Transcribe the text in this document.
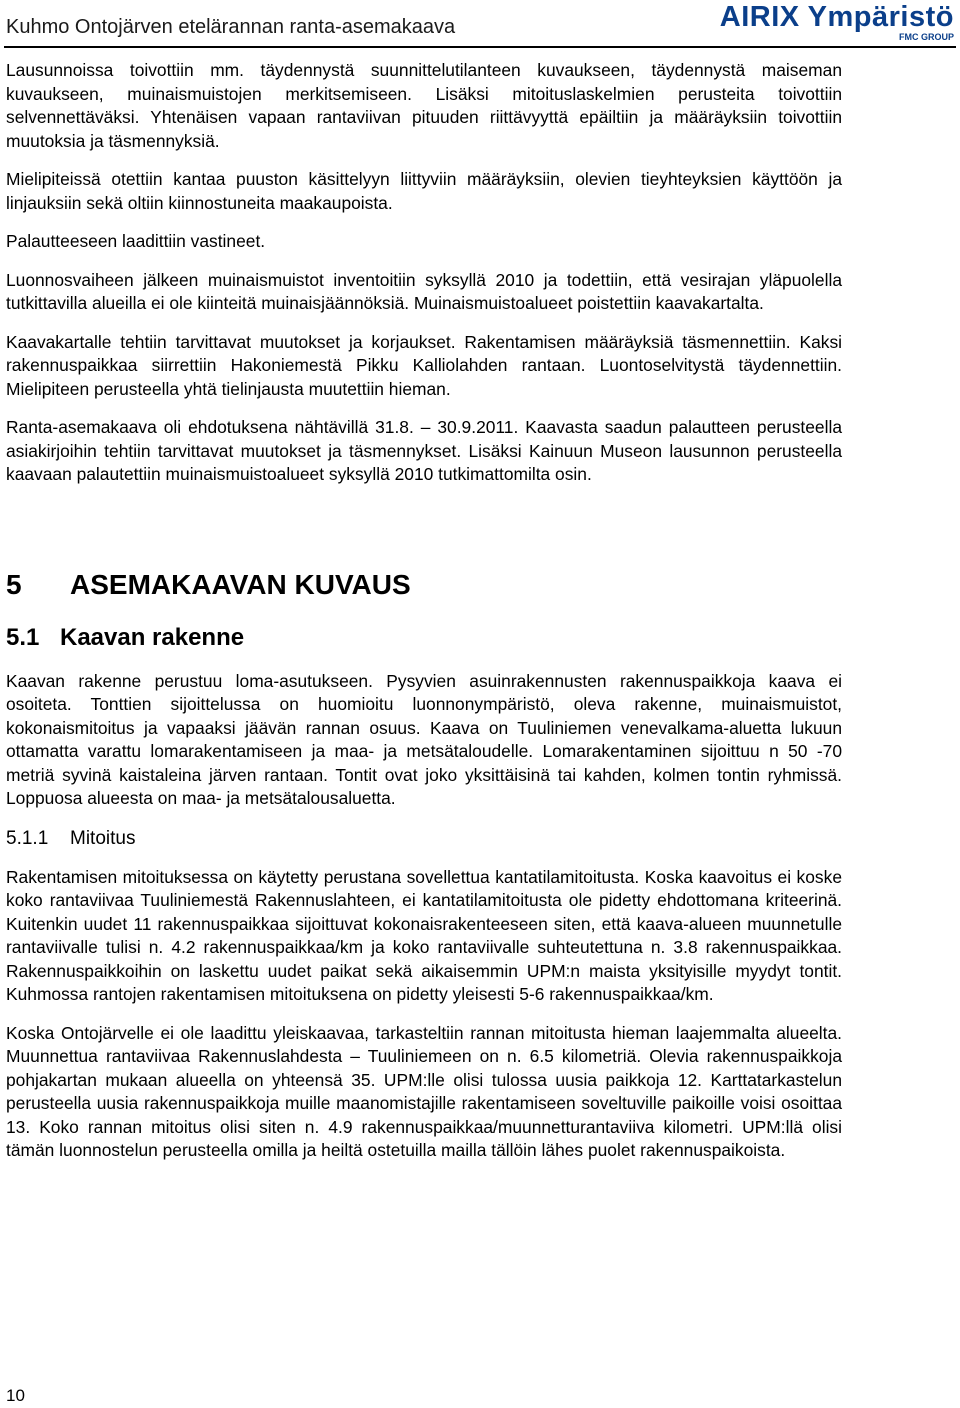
Kuhmo Ontojärven etelärannan ranta-asemakaava	AIRIX Ympäristö
FMC GROUP

Lausunnoissa toivottiin mm. täydennystä suunnittelutilanteen kuvaukseen, täydennystä maiseman kuvaukseen, muinaismuistojen merkitsemiseen. Lisäksi mitoituslaskelmien perusteita toivottiin selvennettäväksi. Yhtenäisen vapaan rantaviivan pituuden riittävyyttä epäiltiin ja määräyksiin toivottiin muutoksia ja täsmennyksiä.

Mielipiteissä otettiin kantaa puuston käsittelyyn liittyviin määräyksiin, olevien tieyhteyksien käyttöön ja linjauksiin sekä oltiin kiinnostuneita maakaupoista.

Palautteeseen laadittiin vastineet.

Luonnosvaiheen jälkeen muinaismuistot inventoitiin syksyllä 2010 ja todettiin, että vesirajan yläpuolella tutkittavilla alueilla ei ole kiinteitä muinaisjäännöksiä. Muinaismuistoalueet poistettiin kaavakartalta.

Kaavakartalle tehtiin tarvittavat muutokset ja korjaukset. Rakentamisen määräyksiä täsmennettiin. Kaksi rakennuspaikkaa siirrettiin Hakoniemestä Pikku Kalliolahden rantaan. Luontoselvitystä täydennettiin. Mielipiteen perusteella yhtä tielinjausta muutettiin hieman.

Ranta-asemakaava oli ehdotuksena nähtävillä 31.8. – 30.9.2011. Kaavasta saadun palautteen perusteella asiakirjoihin tehtiin tarvittavat muutokset ja täsmennykset. Lisäksi Kainuun Museon lausunnon perusteella kaavaan palautettiin muinaismuistoalueet syksyllä 2010 tutkimattomilta osin.

5 ASEMAKAAVAN KUVAUS
5.1 Kaavan rakenne

Kaavan rakenne perustuu loma-asutukseen. Pysyvien asuinrakennusten rakennuspaikkoja kaava ei osoiteta. Tonttien sijoittelussa on huomioitu luonnonympäristö, oleva rakenne, muinaismuistot, kokonaismitoitus ja vapaaksi jäävän rannan osuus. Kaava on Tuuliniemen venevalkama-aluetta lukuun ottamatta varattu lomarakentamiseen ja maa- ja metsätaloudelle. Lomarakentaminen sijoittuu n 50 -70 metriä syvinä kaistaleina järven rantaan. Tontit ovat joko yksittäisinä tai kahden, kolmen tontin ryhmissä. Loppuosa alueesta on maa- ja metsätalousaluetta.

5.1.1 Mitoitus

Rakentamisen mitoituksessa on käytetty perustana sovellettua kantatilamitoitusta. Koska kaavoitus ei koske koko rantaviivaa Tuuliniemestä Rakennuslahteen, ei kantatilamitoitusta ole pidetty ehdottomana kriteerinä. Kuitenkin uudet 11 rakennuspaikkaa sijoittuvat kokonaisrakenteeseen siten, että kaava-alueen muunnetulle rantaviivalle tulisi n. 4.2 rakennuspaikkaa/km ja koko rantaviivalle suhteutettuna n. 3.8 rakennuspaikkaa. Rakennuspaikkoihin on laskettu uudet paikat sekä aikaisemmin UPM:n maista yksityisille myydyt tontit. Kuhmossa rantojen rakentamisen mitoituksena on pidetty yleisesti 5-6 rakennuspaikkaa/km.

Koska Ontojärvelle ei ole laadittu yleiskaavaa, tarkasteltiin rannan mitoitusta hieman laajemmalta alueelta. Muunnettua rantaviivaa Rakennuslahdesta – Tuuliniemeen on n. 6.5 kilometriä. Olevia rakennuspaikkoja pohjakartan mukaan alueella on yhteensä 35. UPM:lle olisi tulossa uusia paikkoja 12. Karttatarkastelun perusteella uusia rakennuspaikkoja muille maanomistajille rakentamiseen soveltuville paikoille voisi osoittaa 13. Koko rannan mitoitus olisi siten n. 4.9 rakennuspaikkaa/muunnetturantaviiva kilometri. UPM:llä olisi tämän luonnostelun perusteella omilla ja heiltä ostetuilla mailla tällöin lähes puolet rakennuspaikoista.

10
